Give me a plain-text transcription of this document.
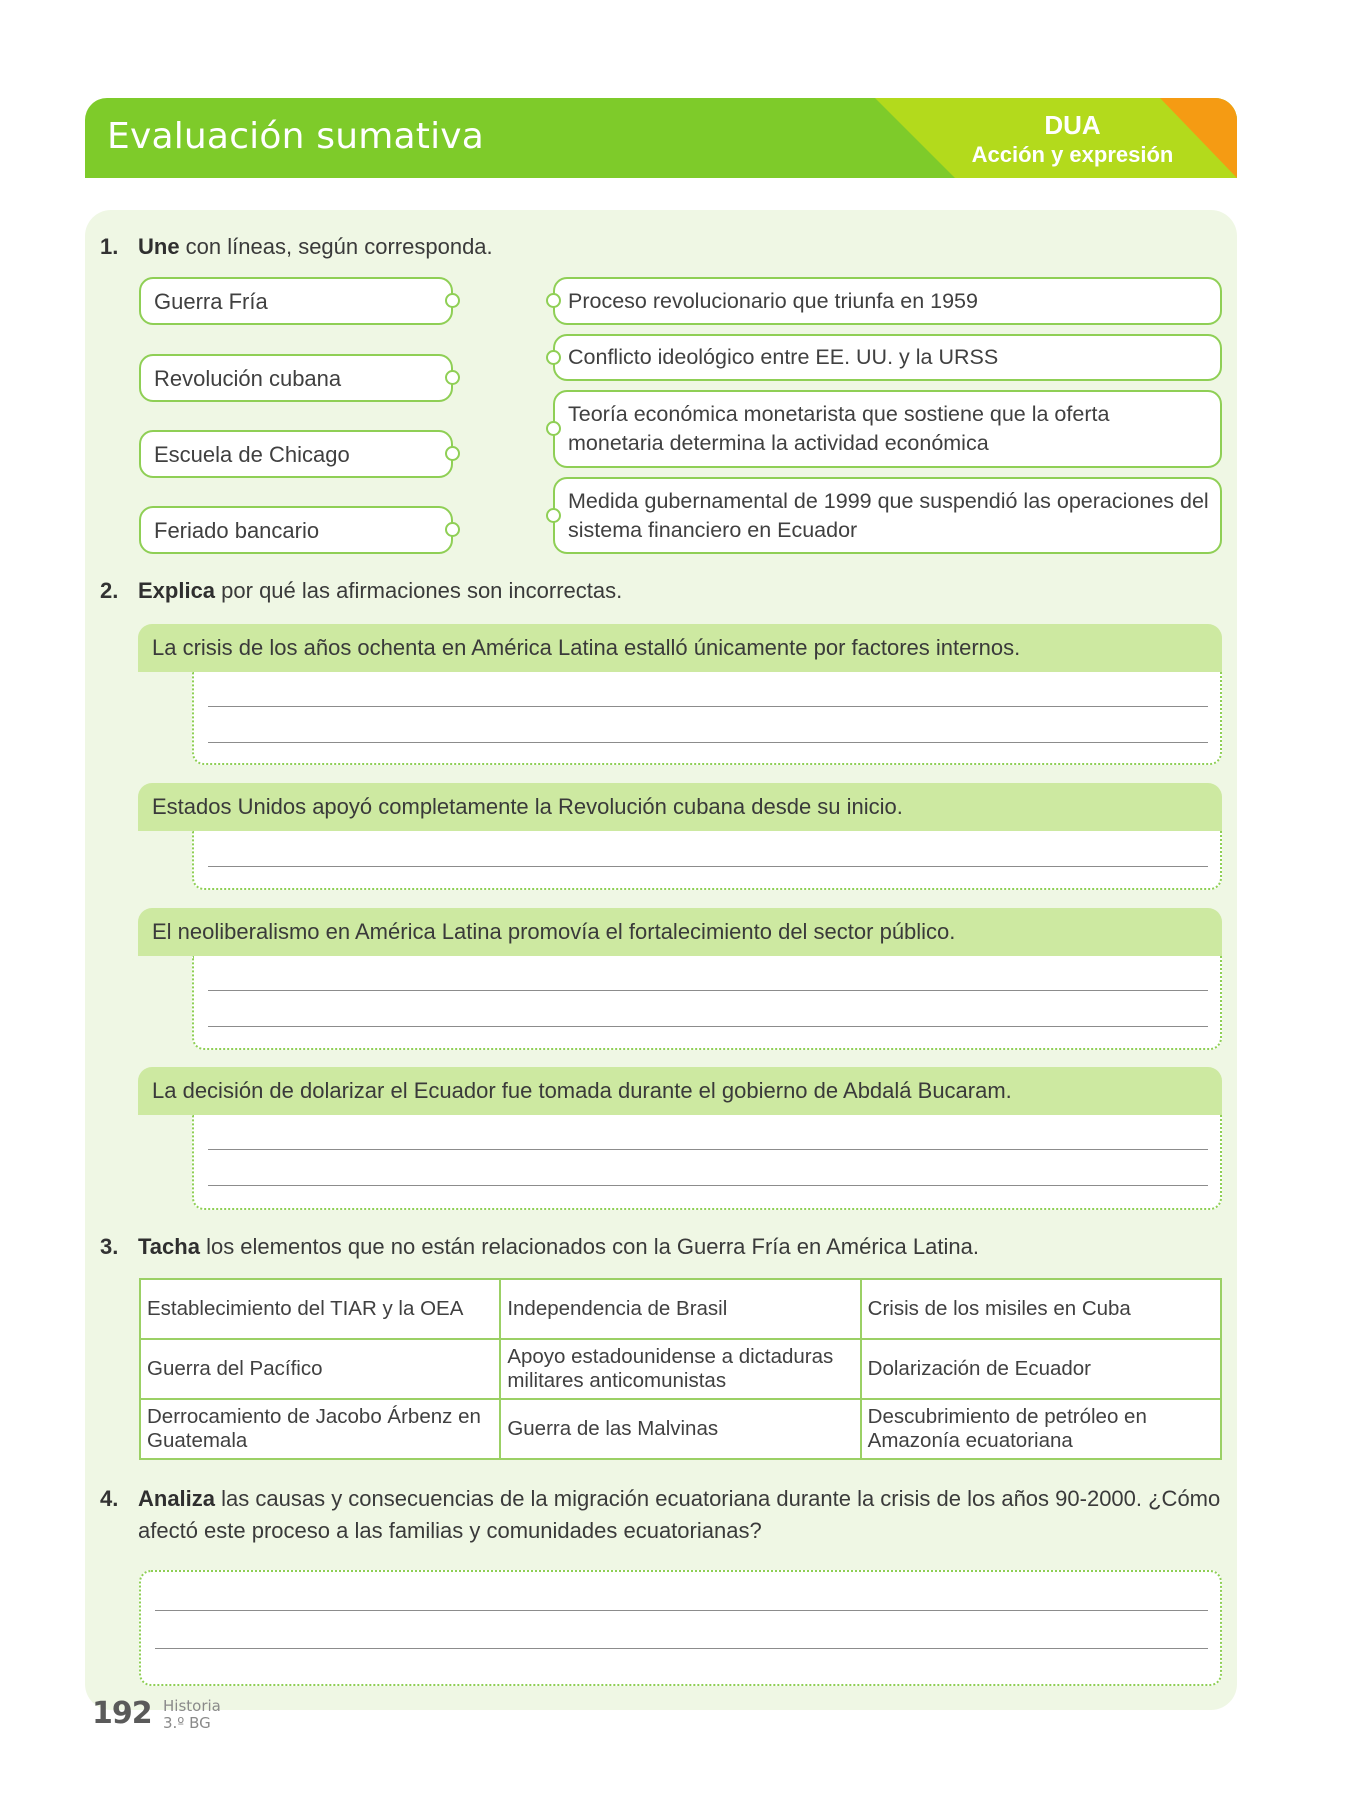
Evaluación sumativa	DUA
Acción y expresión
1. Une con líneas, según corresponda.
Guerra Fría
Revolución cubana
Escuela de Chicago
Feriado bancario
Proceso revolucionario que triunfa en 1959
Conflicto ideológico entre EE. UU. y la URSS
Teoría económica monetarista que sostiene que la oferta monetaria determina la actividad económica
Medida gubernamental de 1999 que suspendió las operaciones del sistema financiero en Ecuador
2. Explica por qué las afirmaciones son incorrectas.
La crisis de los años ochenta en América Latina estalló únicamente por factores internos.
Estados Unidos apoyó completamente la Revolución cubana desde su inicio.
El neoliberalismo en América Latina promovía el fortalecimiento del sector público.
La decisión de dolarizar el Ecuador fue tomada durante el gobierno de Abdalá Bucaram.
3. Tacha los elementos que no están relacionados con la Guerra Fría en América Latina.
Establecimiento del TIAR y la OEA	Independencia de Brasil	Crisis de los misiles en Cuba
Guerra del Pacífico	Apoyo estadounidense a dictaduras militares anticomunistas	Dolarización de Ecuador
Derrocamiento de Jacobo Árbenz en Guatemala	Guerra de las Malvinas	Descubrimiento de petróleo en Amazonía ecuatoriana
4. Analiza las causas y consecuencias de la migración ecuatoriana durante la crisis de los años 90-2000. ¿Cómo
afectó este proceso a las familias y comunidades ecuatorianas?
192 Historia
3.º BG
